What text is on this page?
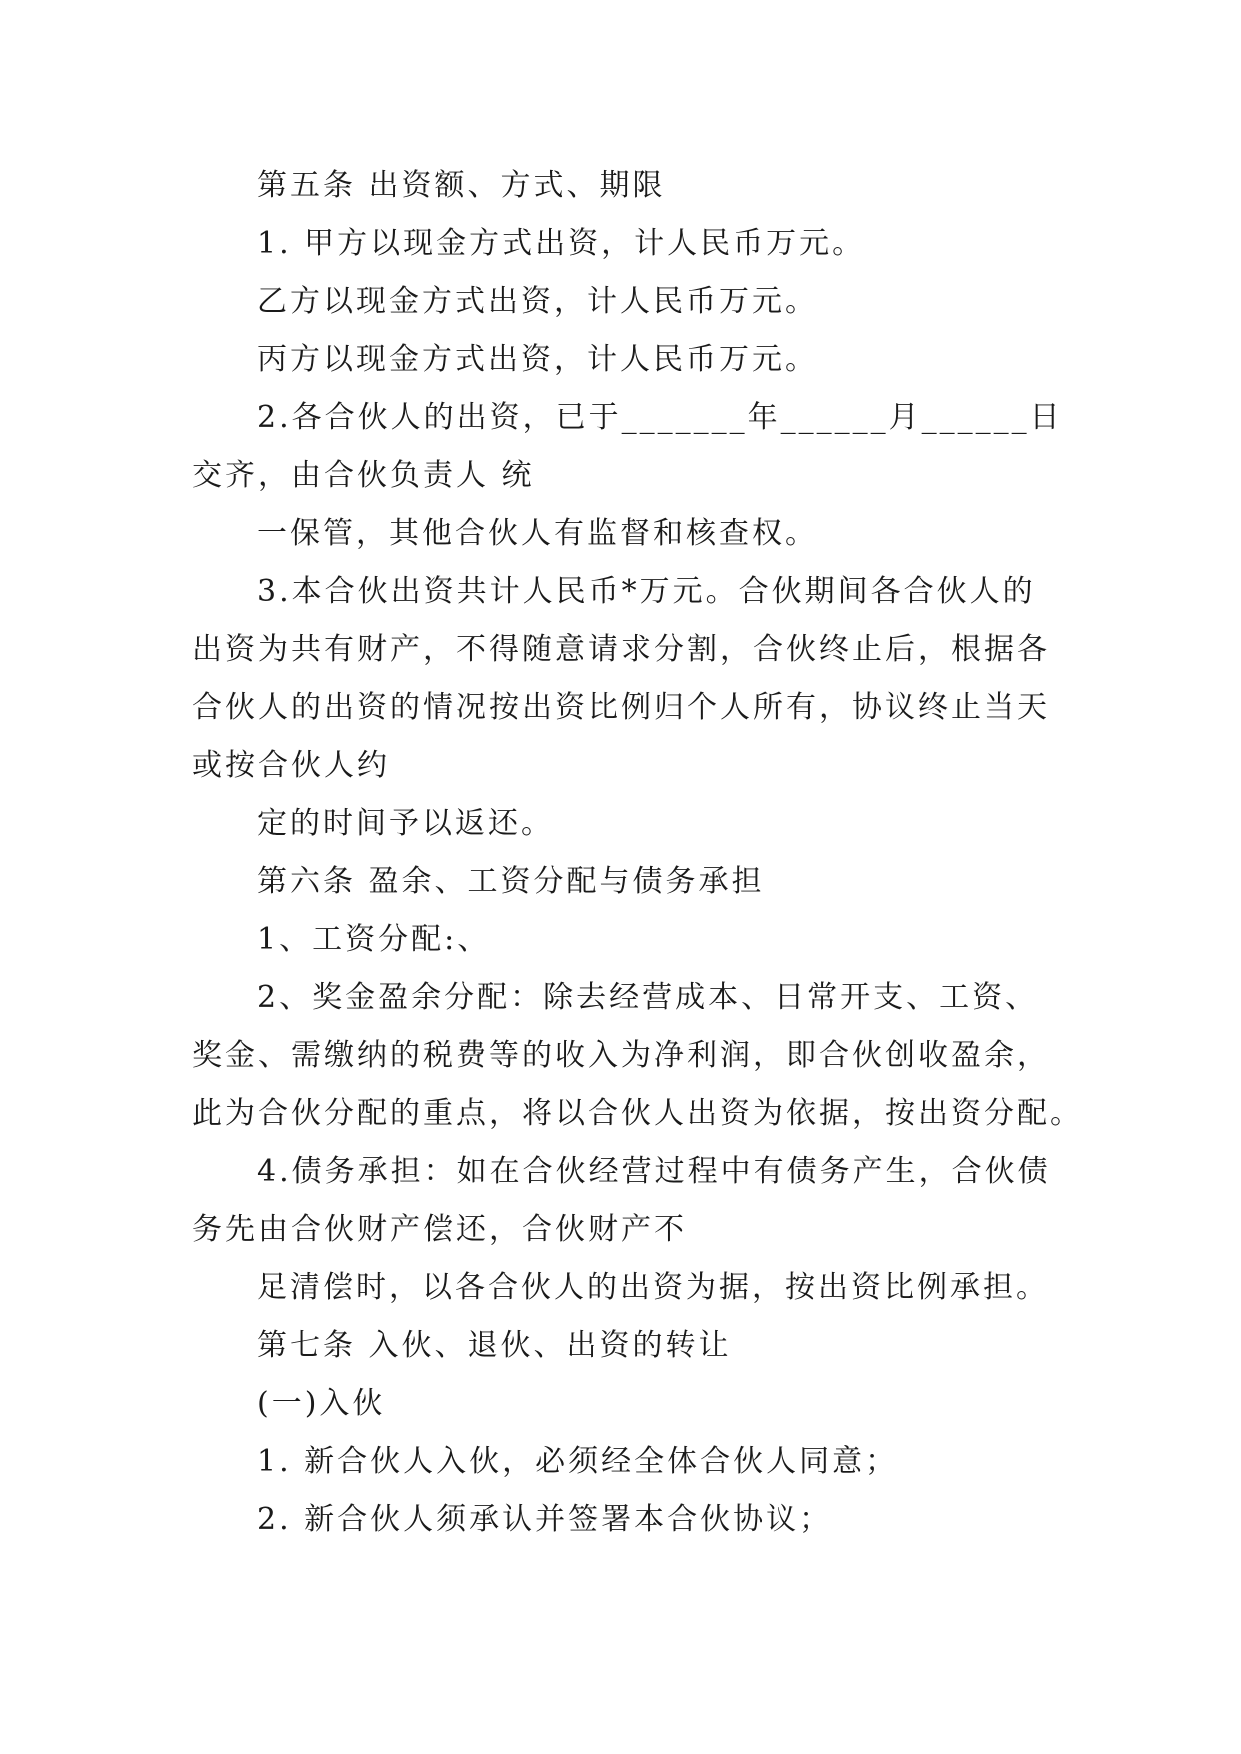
第五条 出资额、方式、期限
1. 甲方以现金方式出资，计人民币万元。
乙方以现金方式出资，计人民币万元。
丙方以现金方式出资，计人民币万元。
2.各合伙人的出资，已于_______年______月______日
交齐，由合伙负责人 统
一保管，其他合伙人有监督和核查权。
3.本合伙出资共计人民币*万元。合伙期间各合伙人的
出资为共有财产，不得随意请求分割，合伙终止后，根据各
合伙人的出资的情况按出资比例归个人所有，协议终止当天
或按合伙人约
定的时间予以返还。
第六条 盈余、工资分配与债务承担
1、工资分配:、
2、奖金盈余分配：除去经营成本、日常开支、工资、
奖金、需缴纳的税费等的收入为净利润，即合伙创收盈余，
此为合伙分配的重点，将以合伙人出资为依据，按出资分配。
4.债务承担：如在合伙经营过程中有债务产生，合伙债
务先由合伙财产偿还，合伙财产不
足清偿时，以各合伙人的出资为据，按出资比例承担。
第七条 入伙、退伙、出资的转让
(一)入伙
1. 新合伙人入伙，必须经全体合伙人同意；
2. 新合伙人须承认并签署本合伙协议；
